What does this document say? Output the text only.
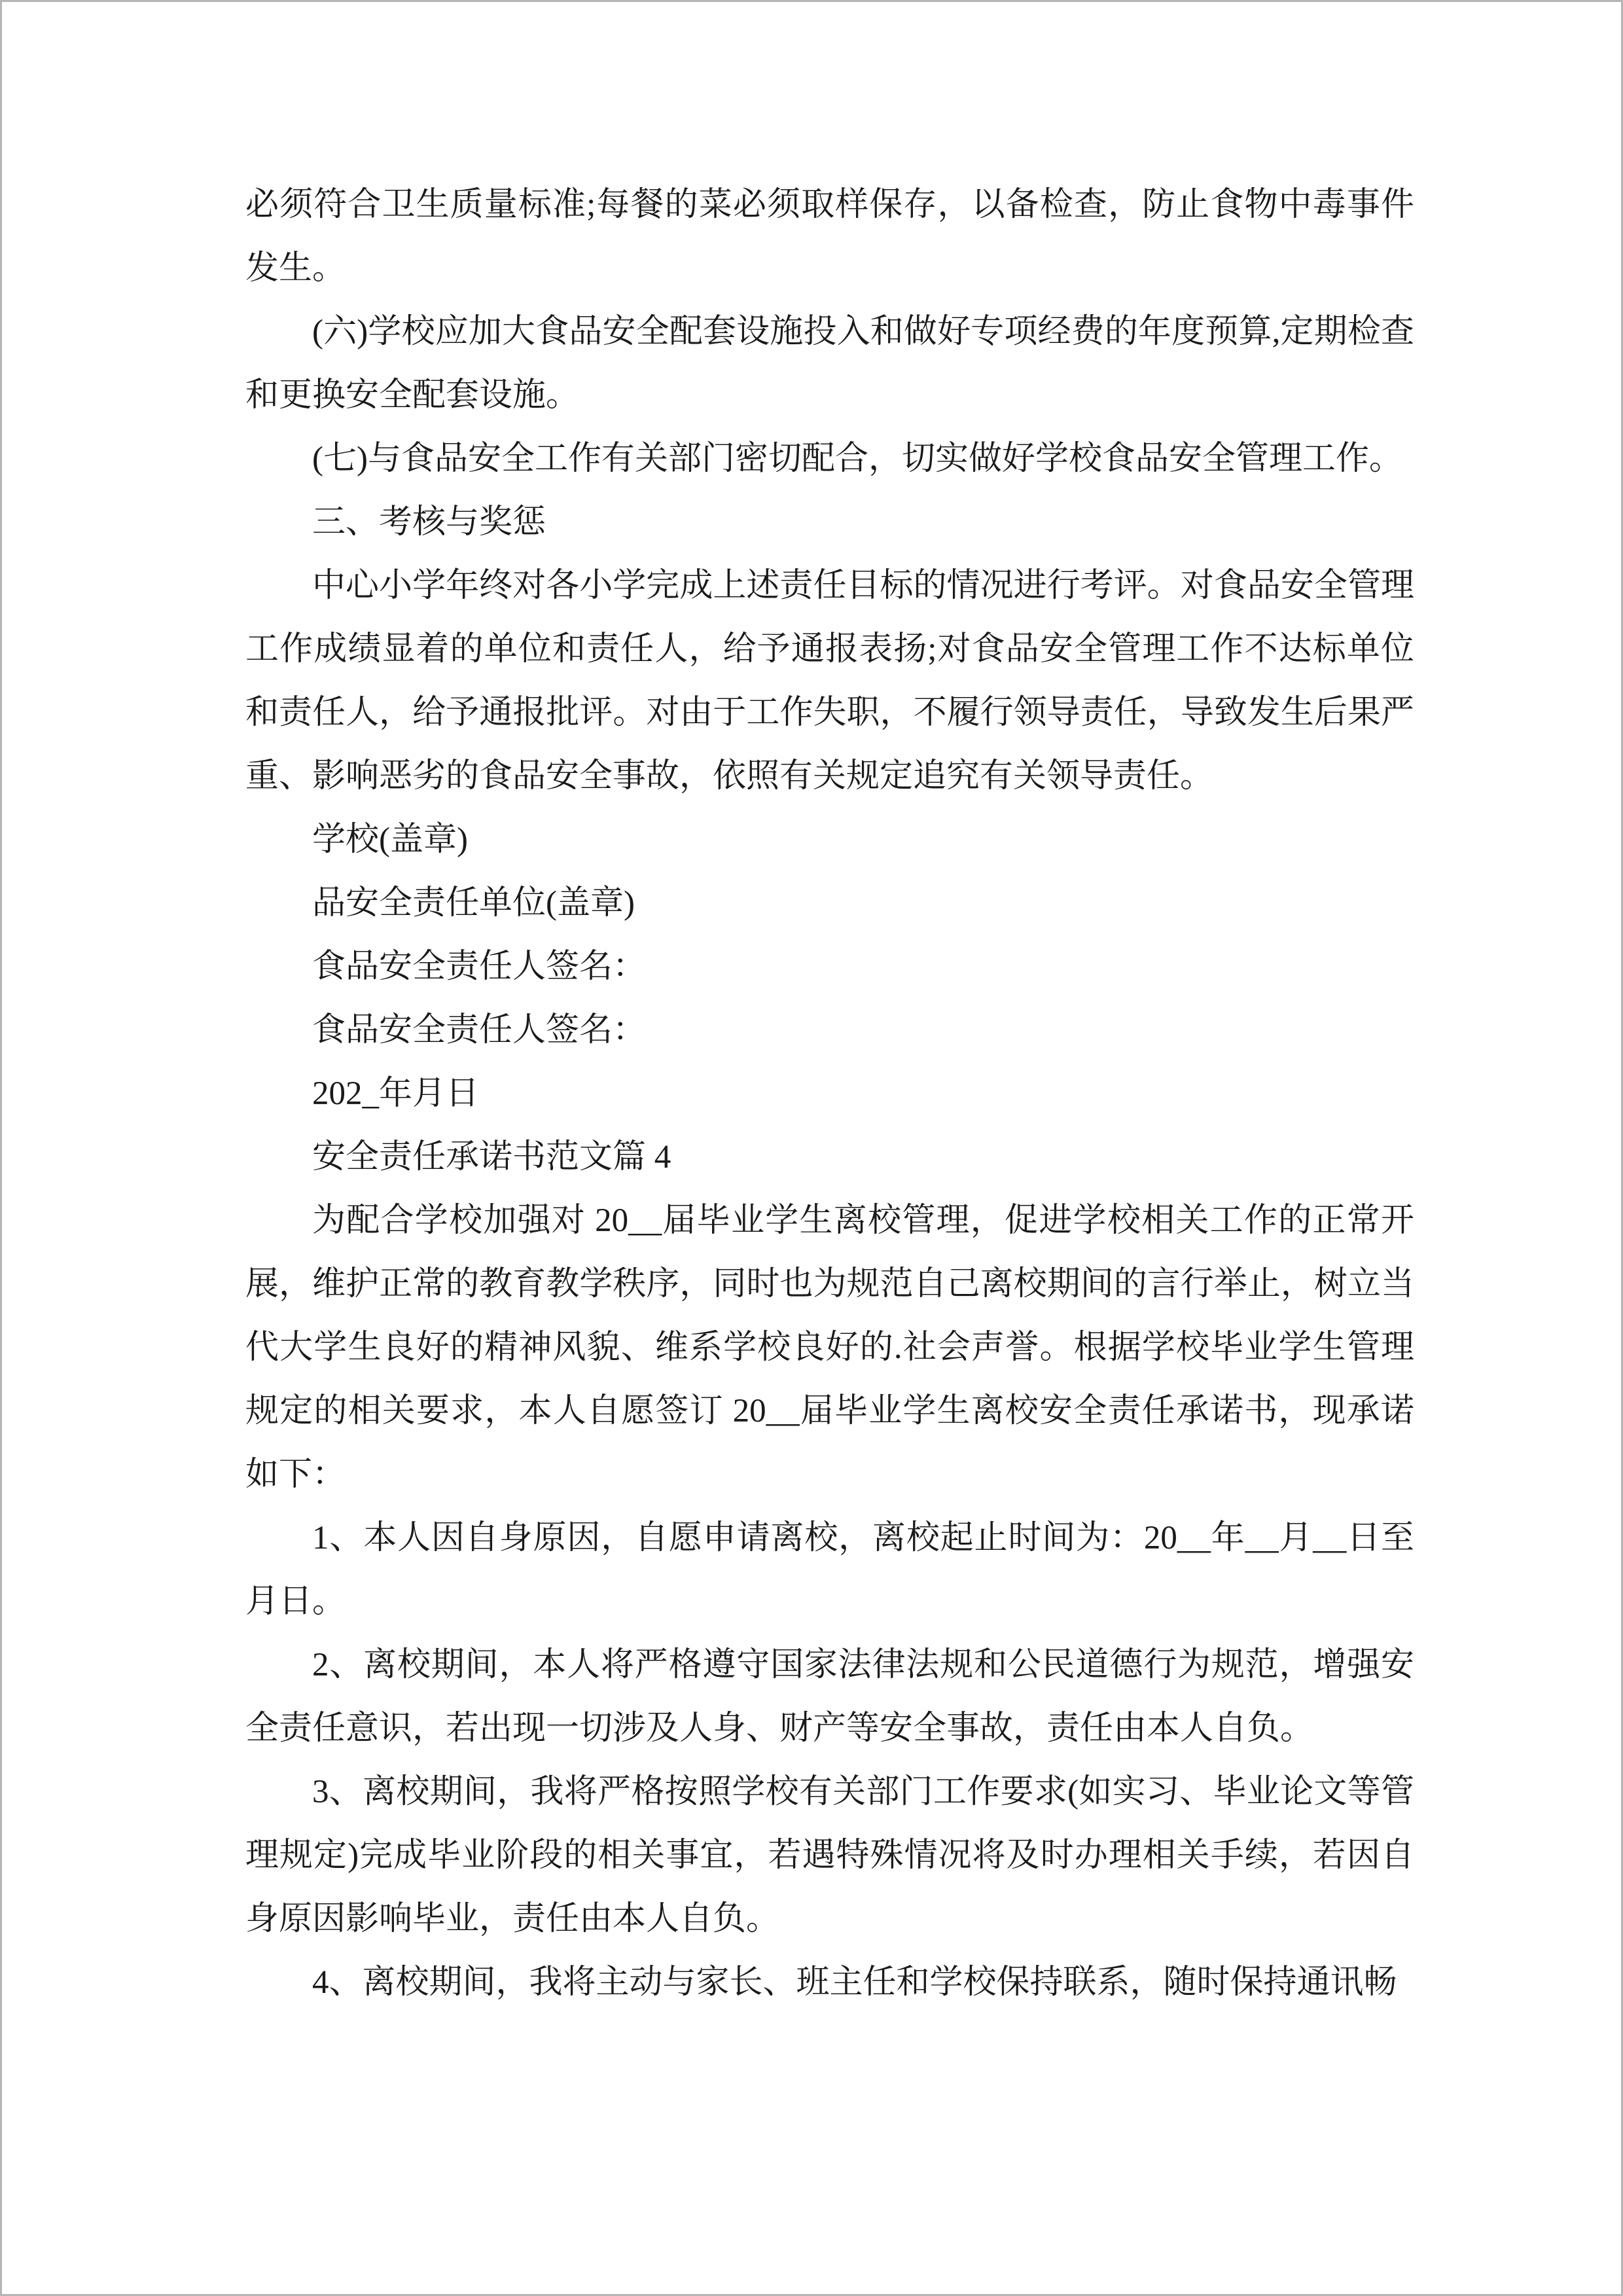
必须符合卫生质量标准;每餐的菜必须取样保存，以备检查，防止食物中毒事件发生。

(六)学校应加大食品安全配套设施投入和做好专项经费的年度预算,定期检查和更换安全配套设施。

(七)与食品安全工作有关部门密切配合，切实做好学校食品安全管理工作。

三、考核与奖惩

中心小学年终对各小学完成上述责任目标的情况进行考评。对食品安全管理工作成绩显着的单位和责任人，给予通报表扬;对食品安全管理工作不达标单位和责任人，给予通报批评。对由于工作失职，不履行领导责任，导致发生后果严重、影响恶劣的食品安全事故，依照有关规定追究有关领导责任。

学校(盖章)

品安全责任单位(盖章)

食品安全责任人签名：

食品安全责任人签名：

202_年月日

安全责任承诺书范文篇 4

为配合学校加强对 20__届毕业学生离校管理，促进学校相关工作的正常开展，维护正常的教育教学秩序，同时也为规范自己离校期间的言行举止，树立当代大学生良好的精神风貌、维系学校良好的.社会声誉。根据学校毕业学生管理规定的相关要求，本人自愿签订 20__届毕业学生离校安全责任承诺书，现承诺如下：

1、本人因自身原因，自愿申请离校，离校起止时间为：20__年__月__日至月日。

2、离校期间，本人将严格遵守国家法律法规和公民道德行为规范，增强安全责任意识，若出现一切涉及人身、财产等安全事故，责任由本人自负。

3、离校期间，我将严格按照学校有关部门工作要求(如实习、毕业论文等管理规定)完成毕业阶段的相关事宜，若遇特殊情况将及时办理相关手续，若因自身原因影响毕业，责任由本人自负。

4、离校期间，我将主动与家长、班主任和学校保持联系，随时保持通讯畅
